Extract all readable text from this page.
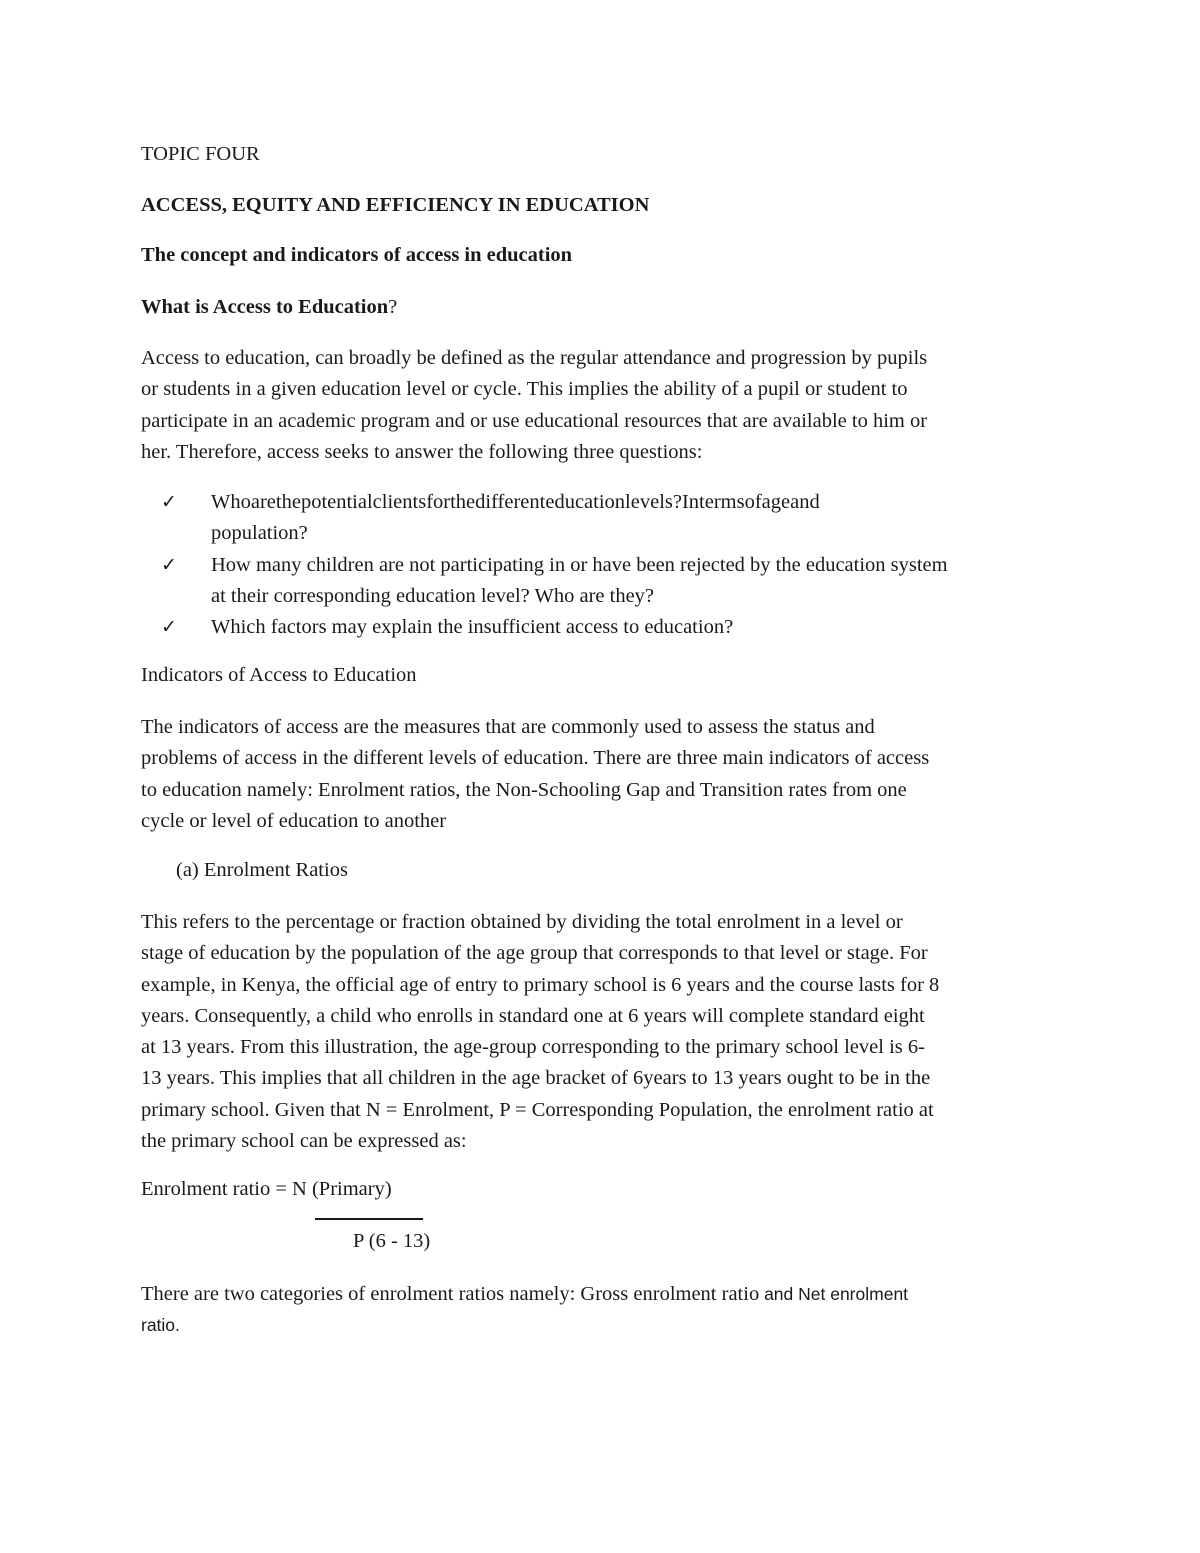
TOPIC FOUR
ACCESS, EQUITY AND EFFICIENCY IN EDUCATION
The concept and indicators of access in education
What is Access to Education?
Access to education, can broadly be defined as the regular attendance and progression by pupils
or students in a given education level or cycle. This implies the ability of a pupil or student to
participate in an academic program and or use educational resources that are available to him or
her. Therefore, access seeks to answer the following three questions:
✓ Whoarethepotentialclientsforthedifferenteducationlevels?Intermsofageand
population?
✓ How many children are not participating in or have been rejected by the education system
at their corresponding education level? Who are they?
✓ Which factors may explain the insufficient access to education?
Indicators of Access to Education
The indicators of access are the measures that are commonly used to assess the status and
problems of access in the different levels of education. There are three main indicators of access
to education namely: Enrolment ratios, the Non-Schooling Gap and Transition rates from one
cycle or level of education to another
(a) Enrolment Ratios
This refers to the percentage or fraction obtained by dividing the total enrolment in a level or
stage of education by the population of the age group that corresponds to that level or stage. For
example, in Kenya, the official age of entry to primary school is 6 years and the course lasts for 8
years. Consequently, a child who enrolls in standard one at 6 years will complete standard eight
at 13 years. From this illustration, the age-group corresponding to the primary school level is 6-
13 years. This implies that all children in the age bracket of 6years to 13 years ought to be in the
primary school. Given that N = Enrolment, P = Corresponding Population, the enrolment ratio at
the primary school can be expressed as:
Enrolment ratio = N (Primary)
P (6 - 13)
There are two categories of enrolment ratios namely: Gross enrolment ratio and Net enrolment
ratio.
